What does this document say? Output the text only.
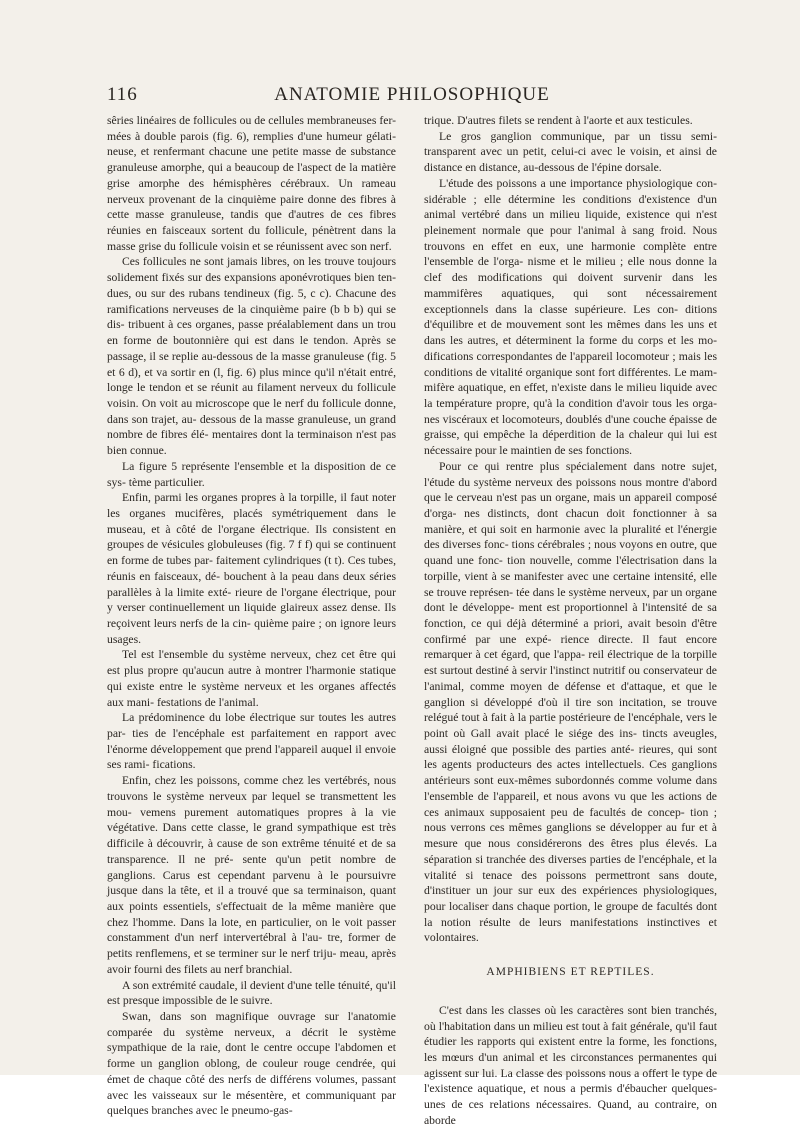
116	ANATOMIE PHILOSOPHIQUE

sêries linéaires de follicules ou de cellules membraneuses fer- mées à double parois (fig. 6), remplies d'une humeur gélati- neuse, et renfermant chacune une petite masse de substance granuleuse amorphe, qui a beaucoup de l'aspect de la matière grise amorphe des hémisphères cérébraux. Un rameau nerveux provenant de la cinquième paire donne des fibres à cette masse granuleuse, tandis que d'autres de ces fibres réunies en faisceaux sortent du follicule, pénètrent dans la masse grise du follicule voisin et se réunissent avec son nerf.

Ces follicules ne sont jamais libres, on les trouve toujours solidement fixés sur des expansions aponévrotiques bien ten- dues, ou sur des rubans tendineux (fig. 5, c c). Chacune des ramifications nerveuses de la cinquième paire (b b b) qui se dis- tribuent à ces organes, passe préalablement dans un trou en forme de boutonnière qui est dans le tendon. Après se passage, il se replie au-dessous de la masse granuleuse (fig. 5 et 6 d), et va sortir en (l, fig. 6) plus mince qu'il n'était entré, longe le tendon et se réunit au filament nerveux du follicule voisin. On voit au microscope que le nerf du follicule donne, dans son trajet, au- dessous de la masse granuleuse, un grand nombre de fibres élé- mentaires dont la terminaison n'est pas bien connue.

La figure 5 représente l'ensemble et la disposition de ce sys- tème particulier.

Enfin, parmi les organes propres à la torpille, il faut noter les organes mucifères, placés symétriquement dans le museau, et à côté de l'organe électrique. Ils consistent en groupes de vésicules globuleuses (fig. 7 f f) qui se continuent en forme de tubes par- faitement cylindriques (t t). Ces tubes, réunis en faisceaux, dé- bouchent à la peau dans deux séries parallèles à la limite exté- rieure de l'organe électrique, pour y verser continuellement un liquide glaireux assez dense. Ils reçoivent leurs nerfs de la cin- quième paire ; on ignore leurs usages.

Tel est l'ensemble du système nerveux, chez cet être qui est plus propre qu'aucun autre à montrer l'harmonie statique qui existe entre le système nerveux et les organes affectés aux mani- festations de l'animal.

La prédominence du lobe électrique sur toutes les autres par- ties de l'encéphale est parfaitement en rapport avec l'énorme développement que prend l'appareil auquel il envoie ses rami- fications.

Enfin, chez les poissons, comme chez les vertébrés, nous trouvons le système nerveux par lequel se transmettent les mou- vemens purement automatiques propres à la vie végétative. Dans cette classe, le grand sympathique est très difficile à découvrir, à cause de son extrême ténuité et de sa transparence. Il ne pré- sente qu'un petit nombre de ganglions. Carus est cependant parvenu à le poursuivre jusque dans la tête, et il a trouvé que sa terminaison, quant aux points essentiels, s'effectuait de la même manière que chez l'homme. Dans la lote, en particulier, on le voit passer constamment d'un nerf intervertébral à l'au- tre, former de petits renflemens, et se terminer sur le nerf triju- meau, après avoir fourni des filets au nerf branchial.

A son extrémité caudale, il devient d'une telle ténuité, qu'il est presque impossible de le suivre.

Swan, dans son magnifique ouvrage sur l'anatomie comparée du système nerveux, a décrit le système sympathique de la raie, dont le centre occupe l'abdomen et forme un ganglion oblong, de couleur rouge cendrée, qui émet de chaque côté des nerfs de différens volumes, passant avec les vaisseaux sur le mésentère, et communiquant par quelques branches avec le pneumo-gas-

trique. D'autres filets se rendent à l'aorte et aux testicules.

Le gros ganglion communique, par un tissu semi-transparent avec un petit, celui-ci avec le voisin, et ainsi de distance en distance, au-dessous de l'épine dorsale.

L'étude des poissons a une importance physiologique con- sidérable ; elle détermine les conditions d'existence d'un animal vertébré dans un milieu liquide, existence qui n'est pleinement normale que pour l'animal à sang froid. Nous trouvons en effet en eux, une harmonie complète entre l'ensemble de l'orga- nisme et le milieu ; elle nous donne la clef des modifications qui doivent survenir dans les mammifères aquatiques, qui sont nécessairement exceptionnels dans la classe supérieure. Les con- ditions d'équilibre et de mouvement sont les mêmes dans les uns et dans les autres, et déterminent la forme du corps et les mo- difications correspondantes de l'appareil locomoteur ; mais les conditions de vitalité organique sont fort différentes. Le mam- mifère aquatique, en effet, n'existe dans le milieu liquide avec la température propre, qu'à la condition d'avoir tous les orga- nes viscéraux et locomoteurs, doublés d'une couche épaisse de graisse, qui empêche la déperdition de la chaleur qui lui est nécessaire pour le maintien de ses fonctions.

Pour ce qui rentre plus spécialement dans notre sujet, l'étude du système nerveux des poissons nous montre d'abord que le cerveau n'est pas un organe, mais un appareil composé d'orga- nes distincts, dont chacun doit fonctionner à sa manière, et qui soit en harmonie avec la pluralité et l'énergie des diverses fonc- tions cérébrales ; nous voyons en outre, que quand une fonc- tion nouvelle, comme l'électrisation dans la torpille, vient à se manifester avec une certaine intensité, elle se trouve représen- tée dans le système nerveux, par un organe dont le développe- ment est proportionnel à l'intensité de sa fonction, ce qui déjà déterminé a priori, avait besoin d'être confirmé par une expé- rience directe. Il faut encore remarquer à cet égard, que l'appa- reil électrique de la torpille est surtout destiné à servir l'instinct nutritif ou conservateur de l'animal, comme moyen de défense et d'attaque, et que le ganglion si développé d'où il tire son incitation, se trouve relégué tout à fait à la partie postérieure de l'encéphale, vers le point où Gall avait placé le siége des ins- tincts aveugles, aussi éloigné que possible des parties anté- rieures, qui sont les agents producteurs des actes intellectuels. Ces ganglions antérieurs sont eux-mêmes subordonnés comme volume dans l'ensemble de l'appareil, et nous avons vu que les actions de ces animaux supposaient peu de facultés de concep- tion ; nous verrons ces mêmes ganglions se développer au fur et à mesure que nous considérerons des êtres plus élevés. La séparation si tranchée des diverses parties de l'encéphale, et la vitalité si tenace des poissons permettront sans doute, d'instituer un jour sur eux des expériences physiologiques, pour localiser dans chaque portion, le groupe de facultés dont la notion résulte de leurs manifestations instinctives et volontaires.

AMPHIBIENS ET REPTILES.

C'est dans les classes où les caractères sont bien tranchés, où l'habitation dans un milieu est tout à fait générale, qu'il faut étudier les rapports qui existent entre la forme, les fonctions, les mœurs d'un animal et les circonstances permanentes qui agissent sur lui. La classe des poissons nous a offert le type de l'existence aquatique, et nous a permis d'ébaucher quelques- unes de ces relations nécessaires. Quand, au contraire, on aborde
